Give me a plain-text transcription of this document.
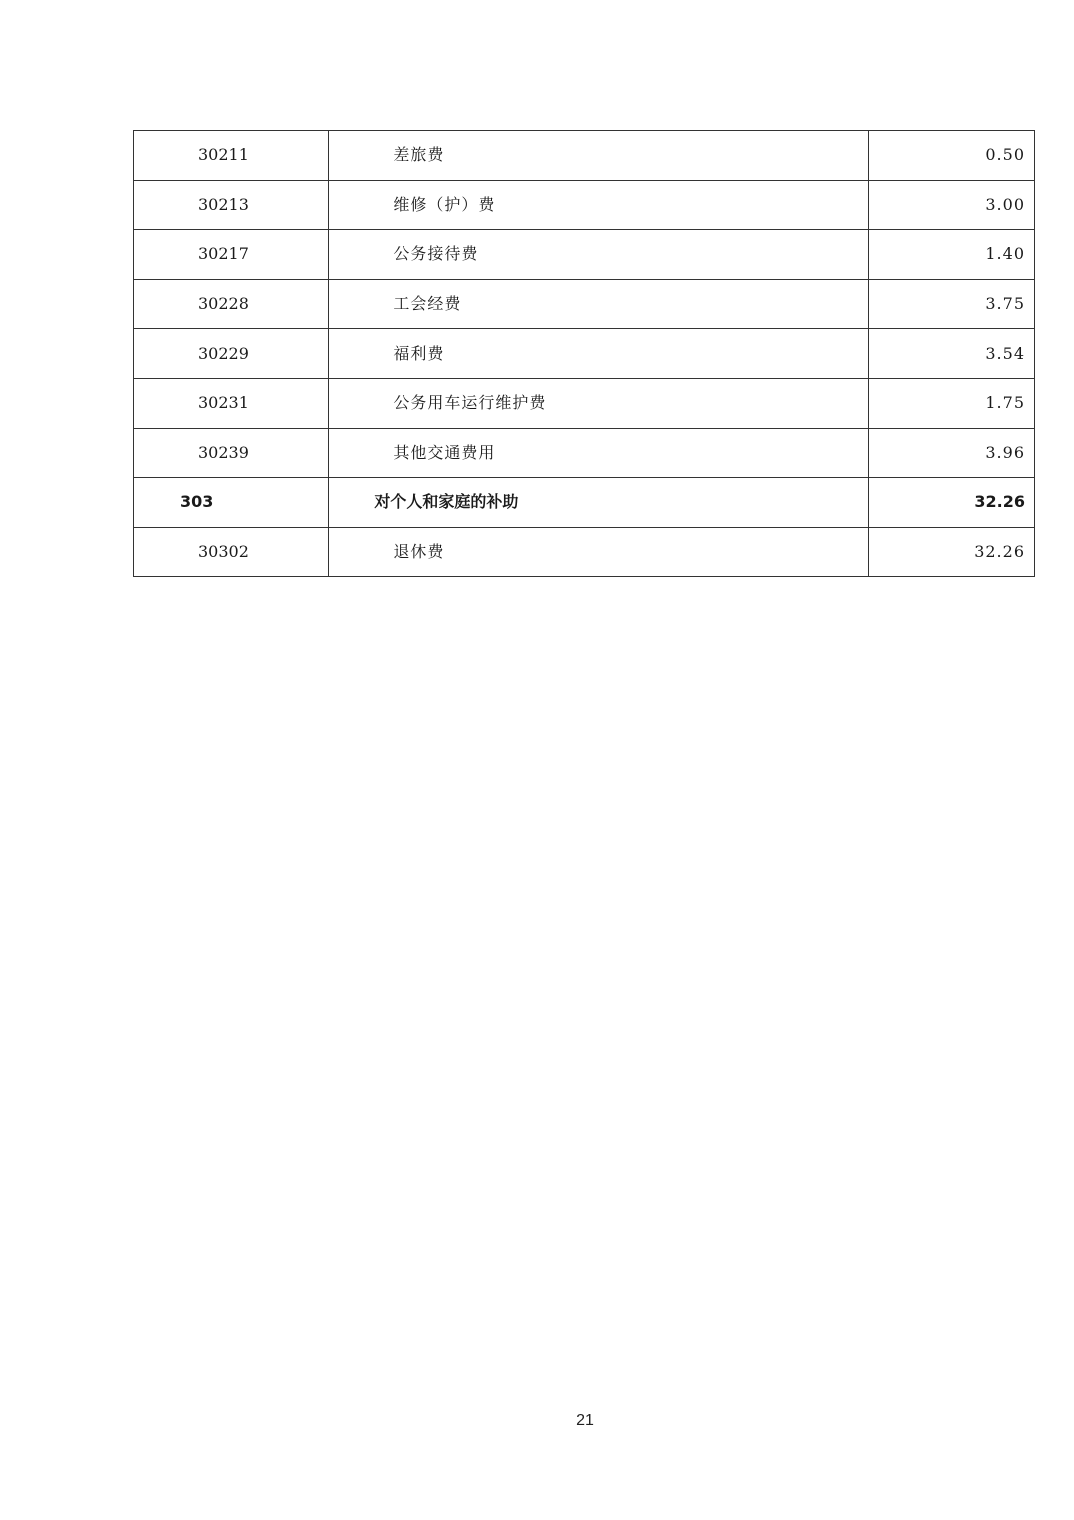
30211	差旅费	0.50
30213	维修（护）费	3.00
30217	公务接待费	1.40
30228	工会经费	3.75
30229	福利费	3.54
30231	公务用车运行维护费	1.75
30239	其他交通费用	3.96
303	对个人和家庭的补助	32.26
30302	退休费	32.26
21
